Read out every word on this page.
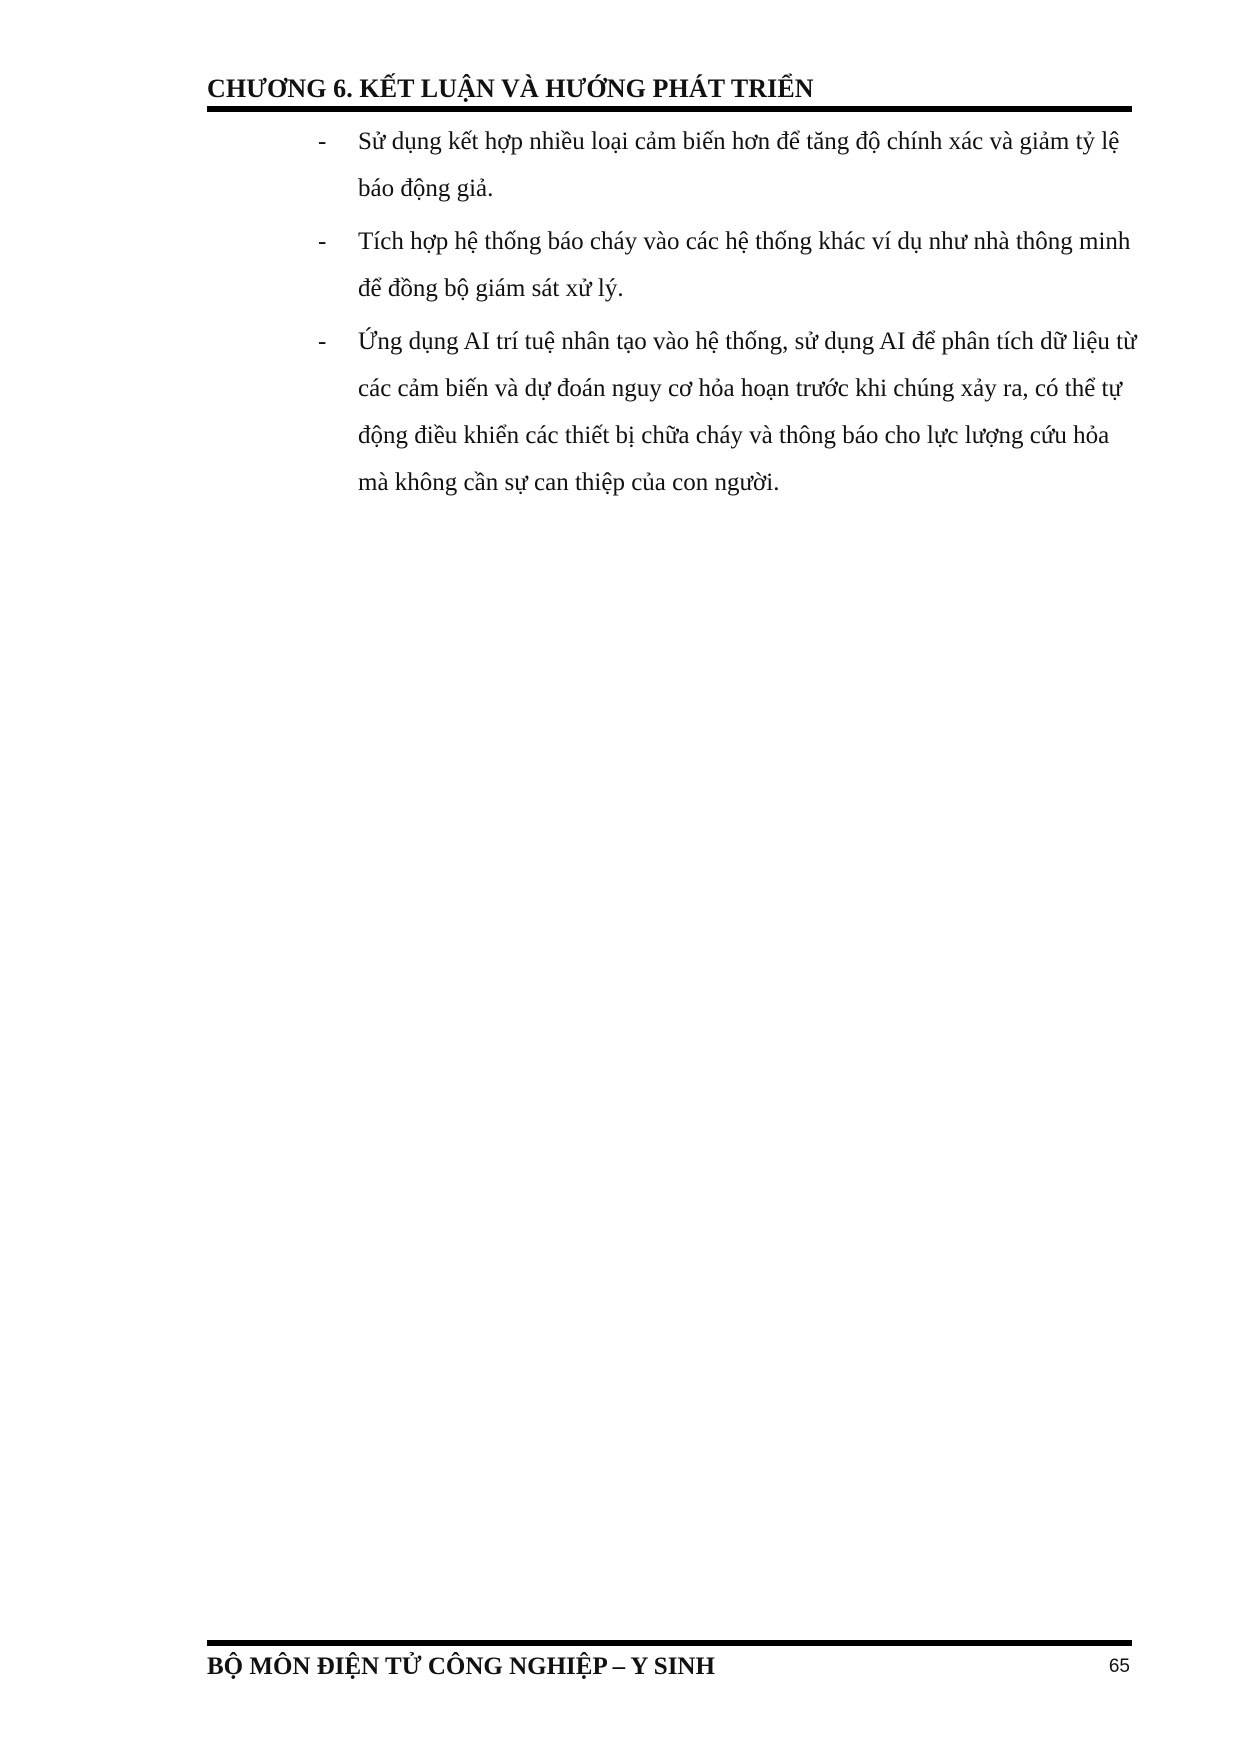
CHƯƠNG 6. KẾT LUẬN VÀ HƯỚNG PHÁT TRIỂN
- Sử dụng kết hợp nhiều loại cảm biến hơn để tăng độ chính xác và giảm tỷ lệ báo động giả.
- Tích hợp hệ thống báo cháy vào các hệ thống khác ví dụ như nhà thông minh để đồng bộ giám sát xử lý.
- Ứng dụng AI trí tuệ nhân tạo vào hệ thống, sử dụng AI để phân tích dữ liệu từ các cảm biến và dự đoán nguy cơ hỏa hoạn trước khi chúng xảy ra, có thể tự động điều khiển các thiết bị chữa cháy và thông báo cho lực lượng cứu hỏa mà không cần sự can thiệp của con người.
BỘ MÔN ĐIỆN TỬ CÔNG NGHIỆP – Y SINH	65
